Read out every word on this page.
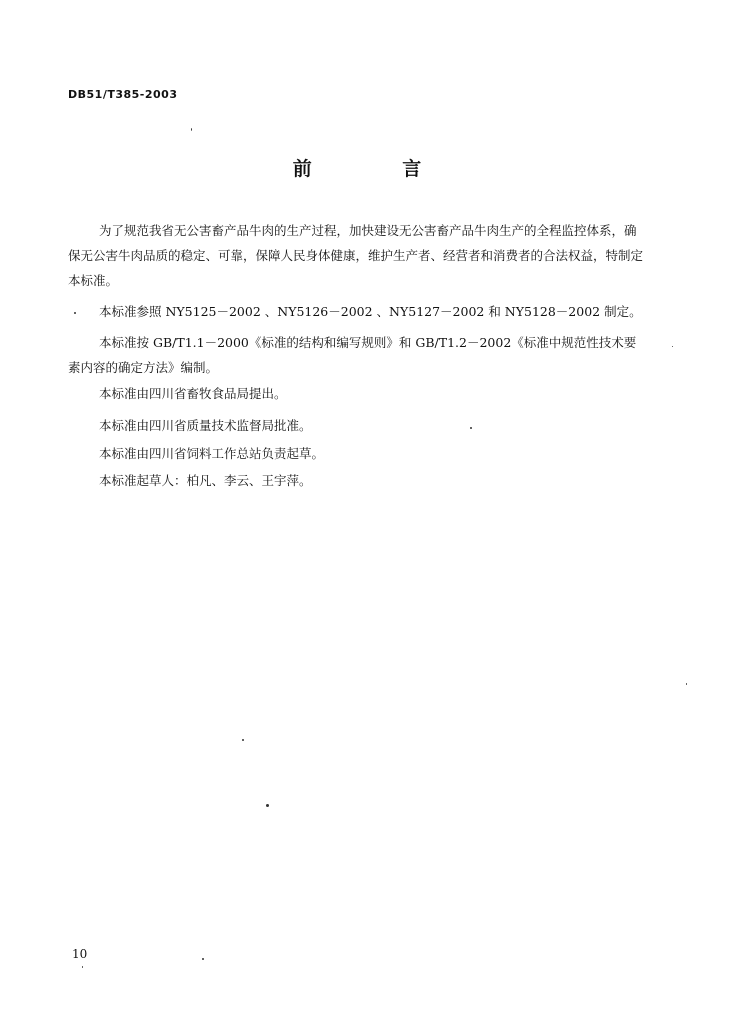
DB51/T385-2003
前 言

为了规范我省无公害畜产品牛肉的生产过程，加快建设无公害畜产品牛肉生产的全程监控体系，确保无公害牛肉品质的稳定、可靠，保障人民身体健康，维护生产者、经营者和消费者的合法权益，特制定本标准。

本标准参照 NY5125－2002 、NY5126－2002 、NY5127－2002 和 NY5128－2002 制定。

本标准按 GB/T1.1－2000《标准的结构和编写规则》和 GB/T1.2－2002《标准中规范性技术要素内容的确定方法》编制。

本标准由四川省畜牧食品局提出。

本标准由四川省质量技术监督局批准。

本标准由四川省饲料工作总站负责起草。

本标准起草人：柏凡、李云、王宇萍。

10
